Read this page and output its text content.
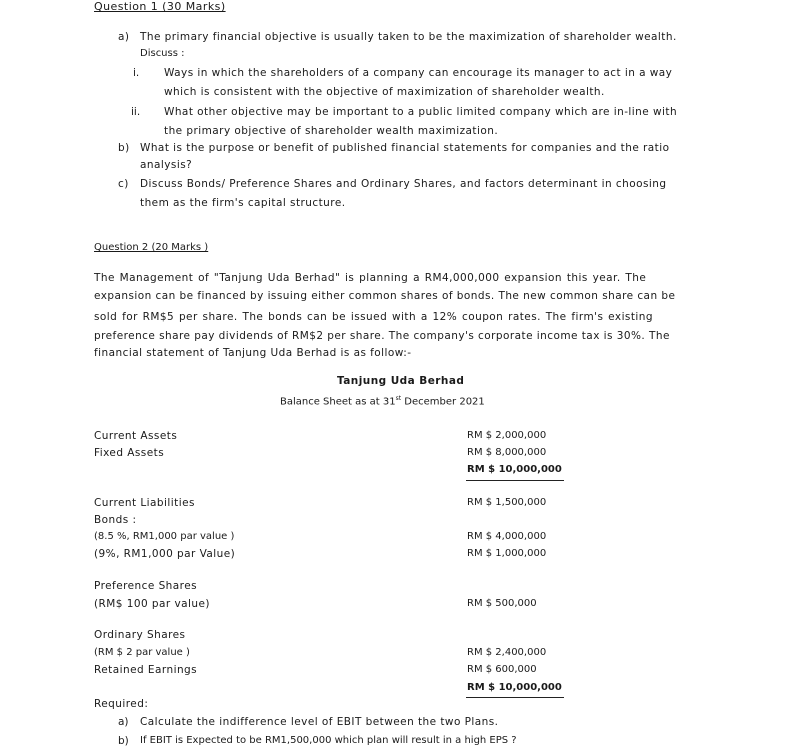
Question 1 (30 Marks)
a) The primary financial objective is usually taken to be the maximization of shareholder wealth.
Discuss :
i. Ways in which the shareholders of a company can encourage its manager to act in a way
which is consistent with the objective of maximization of shareholder wealth.
ii. What other objective may be important to a public limited company which are in-line with
the primary objective of shareholder wealth maximization.
b) What is the purpose or benefit of published financial statements for companies and the ratio
analysis?
c) Discuss Bonds/ Preference Shares and Ordinary Shares, and factors determinant in choosing
them as the firm's capital structure.
Question 2 (20 Marks )
The Management of "Tanjung Uda Berhad" is planning a RM4,000,000 expansion this year. The
expansion can be financed by issuing either common shares of bonds. The new common share can be
sold for RM$5 per share. The bonds can be issued with a 12% coupon rates. The firm's existing
preference share pay dividends of RM$2 per share. The company's corporate income tax is 30%. The
financial statement of Tanjung Uda Berhad is as follow:-
Tanjung Uda Berhad
Balance Sheet as at 31st December 2021
Current Assets
Fixed Assets
Current Liabilities
Bonds :
(8.5 %, RM1,000 par value )
(9%, RM1,000 par Value)
Preference Shares
(RM$ 100 par value)
Ordinary Shares
(RM $ 2 par value )
Retained Earnings
RM $ 2,000,000
RM $ 8,000,000
RM $ 10,000,000
RM $ 1,500,000
RM $ 4,000,000
RM $ 1,000,000
RM $ 500,000
RM $ 2,400,000
RM $ 600,000
RM $ 10,000,000
Required:
a) Calculate the indifference level of EBIT between the two Plans.
b) If EBIT is Expected to be RM1,500,000 which plan will result in a high EPS ?
